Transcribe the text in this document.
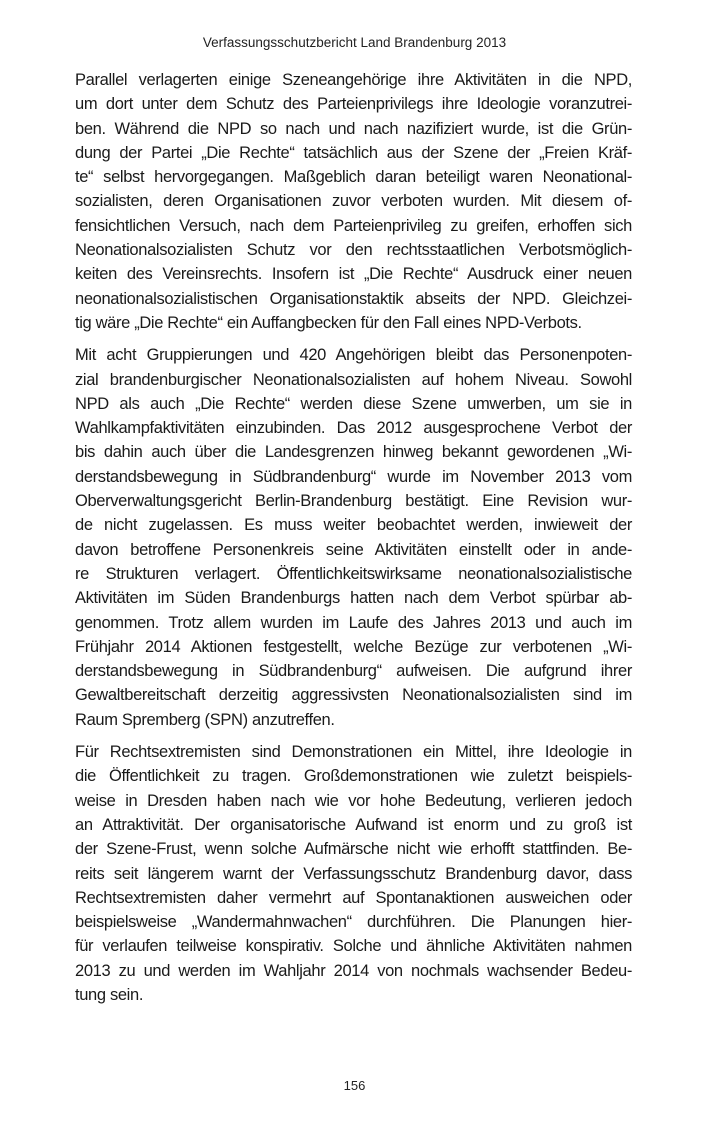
Verfassungsschutzbericht Land Brandenburg 2013
Parallel verlagerten einige Szeneangehörige ihre Aktivitäten in die NPD,
um dort unter dem Schutz des Parteienprivilegs ihre Ideologie voranzutrei-
ben. Während die NPD so nach und nach nazifiziert wurde, ist die Grün-
dung der Partei „Die Rechte“ tatsächlich aus der Szene der „Freien Kräf-
te“ selbst hervorgegangen. Maßgeblich daran beteiligt waren Neonational-
sozialisten, deren Organisationen zuvor verboten wurden. Mit diesem of-
fensichtlichen Versuch, nach dem Parteienprivileg zu greifen, erhoffen sich
Neonationalsozialisten Schutz vor den rechtsstaatlichen Verbotsmöglich-
keiten des Vereinsrechts. Insofern ist „Die Rechte“ Ausdruck einer neuen
neonationalsozialistischen Organisationstaktik abseits der NPD. Gleichzei-
tig wäre „Die Rechte“ ein Auffangbecken für den Fall eines NPD-Verbots.
Mit acht Gruppierungen und 420 Angehörigen bleibt das Personenpoten-
zial brandenburgischer Neonationalsozialisten auf hohem Niveau. Sowohl
NPD als auch „Die Rechte“ werden diese Szene umwerben, um sie in
Wahlkampfaktivitäten einzubinden. Das 2012 ausgesprochene Verbot der
bis dahin auch über die Landesgrenzen hinweg bekannt gewordenen „Wi-
derstandsbewegung in Südbrandenburg“ wurde im November 2013 vom
Oberverwaltungsgericht Berlin-Brandenburg bestätigt. Eine Revision wur-
de nicht zugelassen. Es muss weiter beobachtet werden, inwieweit der
davon betroffene Personenkreis seine Aktivitäten einstellt oder in ande-
re Strukturen verlagert. Öffentlichkeitswirksame neonationalsozialistische
Aktivitäten im Süden Brandenburgs hatten nach dem Verbot spürbar ab-
genommen. Trotz allem wurden im Laufe des Jahres 2013 und auch im
Frühjahr 2014 Aktionen festgestellt, welche Bezüge zur verbotenen „Wi-
derstandsbewegung in Südbrandenburg“ aufweisen. Die aufgrund ihrer
Gewaltbereitschaft derzeitig aggressivsten Neonationalsozialisten sind im
Raum Spremberg (SPN) anzutreffen.
Für Rechtsextremisten sind Demonstrationen ein Mittel, ihre Ideologie in
die Öffentlichkeit zu tragen. Großdemonstrationen wie zuletzt beispiels-
weise in Dresden haben nach wie vor hohe Bedeutung, verlieren jedoch
an Attraktivität. Der organisatorische Aufwand ist enorm und zu groß ist
der Szene-Frust, wenn solche Aufmärsche nicht wie erhofft stattfinden. Be-
reits seit längerem warnt der Verfassungsschutz Brandenburg davor, dass
Rechtsextremisten daher vermehrt auf Spontanaktionen ausweichen oder
beispielsweise „Wandermahnwachen“ durchführen. Die Planungen hier-
für verlaufen teilweise konspirativ. Solche und ähnliche Aktivitäten nahmen
2013 zu und werden im Wahljahr 2014 von nochmals wachsender Bedeu-
tung sein.
156
